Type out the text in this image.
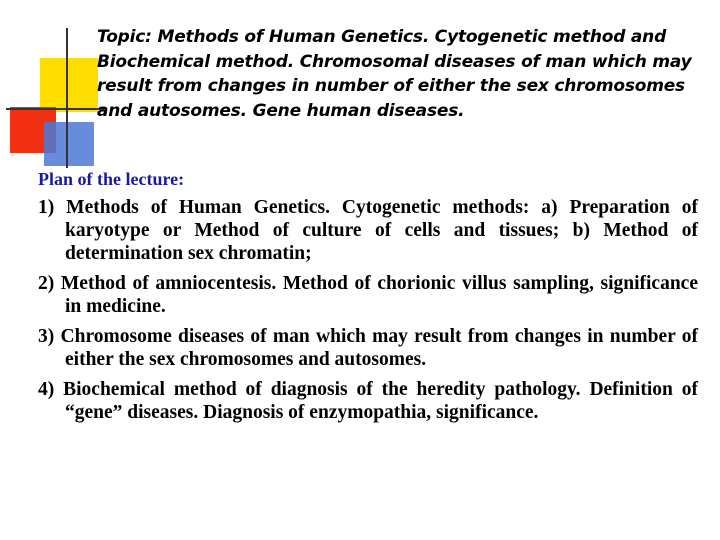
Topic: Methods of Human Genetics. Cytogenetic method and Biochemical method. Chromosomal diseases of man which may result from changes in number of either the sex chromosomes and autosomes. Gene human diseases.

Plan of the lecture:

1) Methods of Human Genetics. Cytogenetic methods: a) Preparation of karyotype or Method of culture of cells and tissues; b) Method of determination sex chromatin;
2) Method of amniocentesis. Method of chorionic villus sampling, significance in medicine.
3) Chromosome diseases of man which may result from changes in number of either the sex chromosomes and autosomes.
4) Biochemical method of diagnosis of the heredity pathology. Definition of “gene” diseases. Diagnosis of enzymopathia, significance.
